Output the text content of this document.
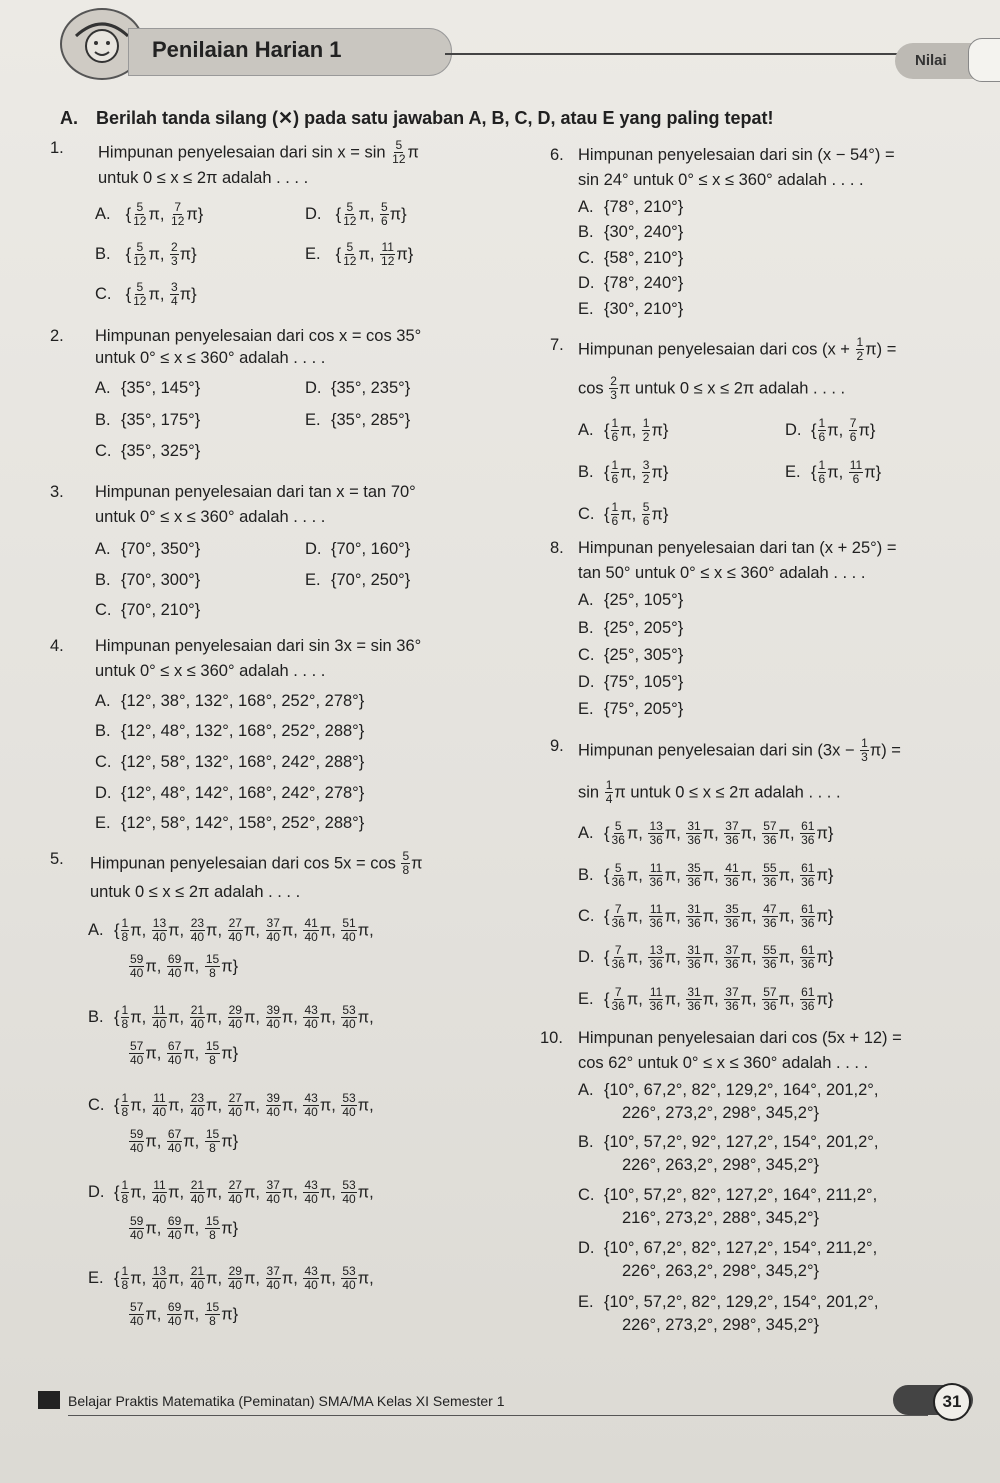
Penilaian Harian 1	Nilai
A. Berilah tanda silang (✕) pada satu jawaban A, B, C, D, atau E yang paling tepat!
1. Himpunan penyelesaian dari $\sin x = \sin \frac{5}{12}$ π
untuk 0 ≤ x ≤ 2π adalah . . . .
A. { $\frac{5}{12} \pi$, $\frac{7}{12} \pi$}
B. { $\frac{5}{12} \pi$, $\frac{2}{3} \pi$}
C. { $\frac{5}{12} \pi$, $\frac{3}{4} \pi$}
D. { $\frac{5}{12} \pi$, $\frac{5}{6} \pi$}
E. { $\frac{5}{12} \pi$, $\frac{11}{12} \pi$}
2. Himpunan penyelesaian dari cos x = cos 35°
untuk 0° ≤ x ≤ 360° adalah . . . .
A. {35°, 145°}
B. {35°, 175°}
C. {35°, 325°}
D. {35°, 235°}
E. {35°, 285°}
3. Himpunan penyelesaian dari tan x = tan 70°
untuk 0° ≤ x ≤ 360° adalah . . . .
A. {70°, 350°}
B. {70°, 300°}
C. {70°, 210°}
D. {70°, 160°}
E. {70°, 250°}
4. Himpunan penyelesaian dari sin 3x = sin 36°
untuk 0° ≤ x ≤ 360° adalah . . . .
A. {12°, 38°, 132°, 168°, 252°, 278°}
B. {12°, 48°, 132°, 168°, 252°, 288°}
C. {12°, 58°, 132°, 168°, 242°, 288°}
D. {12°, 48°, 142°, 168°, 242°, 278°}
E. {12°, 58°, 142°, 158°, 252°, 288°}
5. Himpunan penyelesaian dari $\cos 5x = \cos \frac{5}{8}$ π
untuk 0 ≤ x ≤ 2π adalah . . . .
A. { $\frac{1}{8} \pi$, $\frac{13}{40} \pi$, $\frac{23}{40} \pi$, $\frac{27}{40} \pi$, $\frac{37}{40} \pi$, $\frac{41}{40} \pi$, $\frac{51}{40} \pi$,
$\frac{59}{40} \pi$, $\frac{69}{40} \pi$, $\frac{15}{8} \pi$}
B. { $\frac{1}{8} \pi$, $\frac{11}{40} \pi$, $\frac{21}{40} \pi$, $\frac{29}{40} \pi$, $\frac{39}{40} \pi$, $\frac{43}{40} \pi$, $\frac{53}{40} \pi$,
$\frac{57}{40} \pi$, $\frac{67}{40} \pi$, $\frac{15}{8} \pi$}
C. { $\frac{1}{8} \pi$, $\frac{11}{40} \pi$, $\frac{23}{40} \pi$, $\frac{27}{40} \pi$, $\frac{39}{40} \pi$, $\frac{43}{40} \pi$, $\frac{53}{40} \pi$,
$\frac{59}{40} \pi$, $\frac{67}{40} \pi$, $\frac{15}{8} \pi$}
D. { $\frac{1}{8} \pi$, $\frac{11}{40} \pi$, $\frac{21}{40} \pi$, $\frac{27}{40} \pi$, $\frac{37}{40} \pi$, $\frac{43}{40} \pi$, $\frac{53}{40} \pi$,
$\frac{59}{40} \pi$, $\frac{69}{40} \pi$, $\frac{15}{8} \pi$}
E. { $\frac{1}{8} \pi$, $\frac{13}{40} \pi$, $\frac{21}{40} \pi$, $\frac{29}{40} \pi$, $\frac{37}{40} \pi$, $\frac{43}{40} \pi$, $\frac{53}{40} \pi$,
$\frac{57}{40} \pi$, $\frac{69}{40} \pi$, $\frac{15}{8} \pi$}
6. Himpunan penyelesaian dari sin (x − 54°) =
sin 24° untuk 0° ≤ x ≤ 360° adalah . . . .
A. {78°, 210°}
B. {30°, 240°}
C. {58°, 210°}
D. {78°, 240°}
E. {30°, 210°}
7. Himpunan penyelesaian dari $\cos (x + \frac{1}{2} \pi)$ =
$\cos \frac{2}{3}$ π untuk 0 ≤ x ≤ 2π adalah . . . .
A. { $\frac{1}{6} \pi$, $\frac{1}{2} \pi$}
B. { $\frac{1}{6} \pi$, $\frac{3}{2} \pi$}
C. { $\frac{1}{6} \pi$, $\frac{5}{6} \pi$}
D. { $\frac{1}{6} \pi$, $\frac{7}{6} \pi$}
E. { $\frac{1}{6} \pi$, $\frac{11}{6} \pi$}
8. Himpunan penyelesaian dari tan (x + 25°) =
tan 50° untuk 0° ≤ x ≤ 360° adalah . . . .
A. {25°, 105°}
B. {25°, 205°}
C. {25°, 305°}
D. {75°, 105°}
E. {75°, 205°}
9. Himpunan penyelesaian dari $\sin (3x - \frac{1}{3} \pi)$ =
$\sin \frac{1}{4}$ π untuk 0 ≤ x ≤ 2π adalah . . . .
A. { $\frac{5}{36} \pi$, $\frac{13}{36} \pi$, $\frac{31}{36} \pi$, $\frac{37}{36} \pi$, $\frac{57}{36} \pi$, $\frac{61}{36} \pi$}
B. { $\frac{5}{36} \pi$, $\frac{11}{36} \pi$, $\frac{35}{36} \pi$, $\frac{41}{36} \pi$, $\frac{55}{36} \pi$, $\frac{61}{36} \pi$}
C. { $\frac{7}{36} \pi$, $\frac{11}{36} \pi$, $\frac{31}{36} \pi$, $\frac{35}{36} \pi$, $\frac{47}{36} \pi$, $\frac{61}{36} \pi$}
D. { $\frac{7}{36} \pi$, $\frac{13}{36} \pi$, $\frac{31}{36} \pi$, $\frac{37}{36} \pi$, $\frac{55}{36} \pi$, $\frac{61}{36} \pi$}
E. { $\frac{7}{36} \pi$, $\frac{11}{36} \pi$, $\frac{31}{36} \pi$, $\frac{37}{36} \pi$, $\frac{57}{36} \pi$, $\frac{61}{36} \pi$}
10. Himpunan penyelesaian dari cos (5x + 12) =
cos 62° untuk 0° ≤ x ≤ 360° adalah . . . .
A. {10°, 67,2°, 82°, 129,2°, 164°, 201,2°,
226°, 273,2°, 298°, 345,2°}
B. {10°, 57,2°, 92°, 127,2°, 154°, 201,2°,
226°, 263,2°, 298°, 345,2°}
C. {10°, 57,2°, 82°, 127,2°, 164°, 211,2°,
216°, 273,2°, 288°, 345,2°}
D. {10°, 67,2°, 82°, 127,2°, 154°, 211,2°,
226°, 263,2°, 298°, 345,2°}
E. {10°, 57,2°, 82°, 129,2°, 154°, 201,2°,
226°, 273,2°, 298°, 345,2°}
Belajar Praktis Matematika (Peminatan) SMA/MA Kelas XI Semester 1	31
